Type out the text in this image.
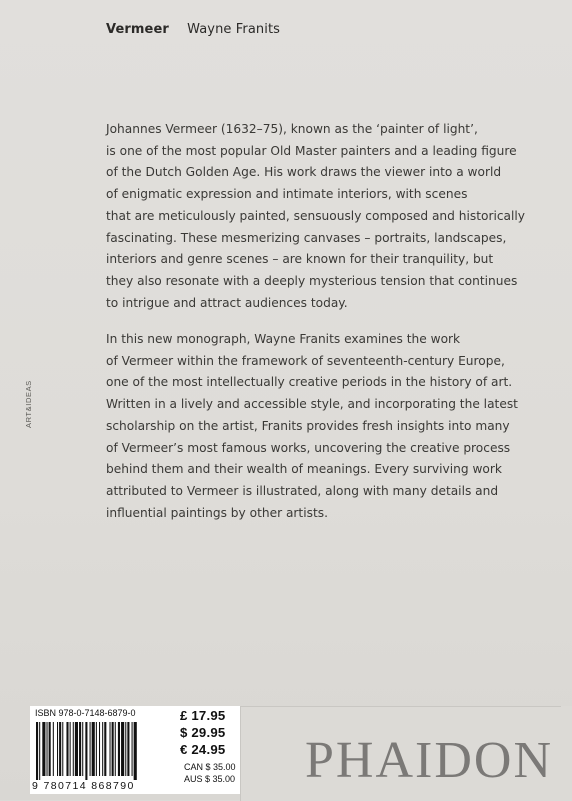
Vermeer Wayne Franits
Johannes Vermeer (1632–75), known as the ‘painter of light’,
is one of the most popular Old Master painters and a leading figure
of the Dutch Golden Age. His work draws the viewer into a world
of enigmatic expression and intimate interiors, with scenes
that are meticulously painted, sensuously composed and historically
fascinating. These mesmerizing canvases – portraits, landscapes,
interiors and genre scenes – are known for their tranquility, but
they also resonate with a deeply mysterious tension that continues
to intrigue and attract audiences today.
In this new monograph, Wayne Franits examines the work
of Vermeer within the framework of seventeenth-century Europe,
one of the most intellectually creative periods in the history of art.
Written in a lively and accessible style, and incorporating the latest
scholarship on the artist, Franits provides fresh insights into many
of Vermeer’s most famous works, uncovering the creative process
behind them and their wealth of meanings. Every surviving work
attributed to Vermeer is illustrated, along with many details and
influential paintings by other artists.
ART&IDEAS
ISBN 978-0-7148-6879-0
9 780714 868790
£ 17.95
$ 29.95
€ 24.95
CAN $ 35.00
AUS $ 35.00 PHAIDON
